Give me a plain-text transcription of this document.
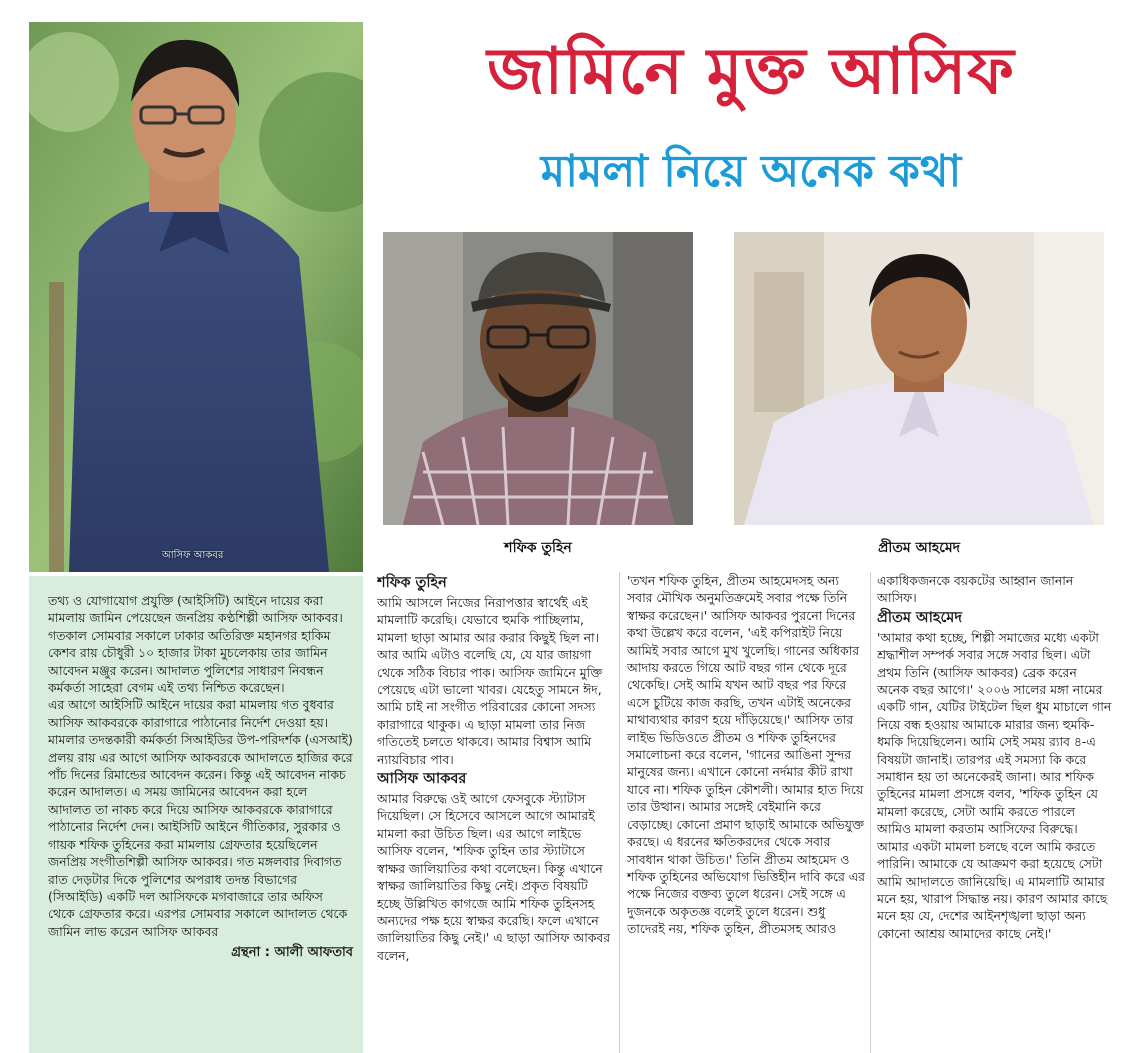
আসিফ আকবর
জামিনে মুক্ত আসিফ
মামলা নিয়ে অনেক কথা
শফিক তুহিন	প্রীতম আহমেদ

তথ্য ও যোগাযোগ প্রযুক্তি (আইসিটি) আইনে দায়ের করা মামলায় জামিন পেয়েছেন জনপ্রিয় কণ্ঠশিল্পী আসিফ আকবর। গতকাল সোমবার সকালে ঢাকার অতিরিক্ত মহানগর হাকিম কেশব রায় চৌধুরী ১০ হাজার টাকা মুচলেকায় তার জামিন আবেদন মঞ্জুর করেন। আদালত পুলিশের সাধারণ নিবন্ধন কর্মকর্তা সাহেরা বেগম এই তথ্য নিশ্চিত করেছেন।

এর আগে আইসিটি আইনে দায়ের করা মামলায় গত বুধবার আসিফ আকবরকে কারাগারে পাঠানোর নির্দেশ দেওয়া হয়। মামলার তদন্তকারী কর্মকর্তা সিআইডির উপ-পরিদর্শক (এসআই) প্রলয় রায় এর আগে আসিফ আকবরকে আদালতে হাজির করে পাঁচ দিনের রিমান্ডের আবেদন করেন। কিন্তু এই আবেদন নাকচ করেন আদালত। এ সময় জামিনের আবেদন করা হলে আদালত তা নাকচ করে দিয়ে আসিফ আকবরকে কারাগারে পাঠানোর নির্দেশ দেন। আইসিটি আইনে গীতিকার, সুরকার ও গায়ক শফিক তুহিনের করা মামলায় গ্রেফতার হয়েছিলেন জনপ্রিয় সংগীতশিল্পী আসিফ আকবর। গত মঙ্গলবার দিবাগত রাত দেড়টার দিকে পুলিশের অপরাধ তদন্ত বিভাগের (সিআইডি) একটি দল আসিফকে মগবাজারে তার অফিস থেকে গ্রেফতার করে। এরপর সোমবার সকালে আদালত থেকে জামিন লাভ করেন আসিফ আকবর

গ্রন্থনা : আলী আফতাব

শফিক তুহিন

আমি আসলে নিজের নিরাপত্তার স্বার্থেই এই মামলাটি করেছি। যেভাবে হুমকি পাচ্ছিলাম, মামলা ছাড়া আমার আর করার কিছুই ছিল না। আর আমি এটাও বলেছি যে, যে যার জায়গা থেকে সঠিক বিচার পাক। আসিফ জামিনে মুক্তি পেয়েছে এটা ভালো খাবর। যেহেতু সামনে ঈদ, আমি চাই না সংগীত পরিবারের কোনো সদস্য কারাগারে থাকুক। এ ছাড়া মামলা তার নিজ গতিতেই চলতে থাকবে। আমার বিশ্বাস আমি ন্যায়বিচার পাব।

আসিফ আকবর

আমার বিরুদ্ধে ওই আগে ফেসবুকে স্ট্যাটাস দিয়েছিল। সে হিসেবে আসলে আগে আমারই মামলা করা উচিত ছিল। এর আগে লাইভে আসিফ বলেন, 'শফিক তুহিন তার স্ট্যাটাসে স্বাক্ষর জালিয়াতির কথা বলেছেন। কিন্তু এখানে স্বাক্ষর জালিয়াতির কিছু নেই। প্রকৃত বিষয়টি হচ্ছে উল্লিখিত কাগজে আমি শফিক তুহিনসহ অন্যদের পক্ষ হয়ে স্বাক্ষর করেছি। ফলে এখানে জালিয়াতির কিছু নেই।' এ ছাড়া আসিফ আকবর বলেন,

'তখন শফিক তুহিন, প্রীতম আহমেদসহ অন্য সবার মৌখিক অনুমতিক্রমেই সবার পক্ষে তিনি স্বাক্ষর করেছেন।' আসিফ আকবর পুরনো দিনের কথা উল্লেখ করে বলেন, 'এই কপিরাইট নিয়ে আমিই সবার আগে মুখ খুলেছি। গানের অধিকার আদায় করতে গিয়ে আট বছর গান থেকে দূরে থেকেছি। সেই আমি যখন আট বছর পর ফিরে এসে চুটিয়ে কাজ করছি, তখন এটাই অনেকের মাথাব্যথার কারণ হয়ে দাঁড়িয়েছে।' আসিফ তার লাইভ ভিডিওতে প্রীতম ও শফিক তুহিনদের সমালোচনা করে বলেন, 'গানের আঙিনা সুন্দর মানুষের জন্য। এখানে কোনো নর্দমার কীট রাখা যাবে না। শফিক তুহিন কৌশলী। আমার হাত দিয়ে তার উত্থান। আমার সঙ্গেই বেইমানি করে বেড়াচ্ছে। কোনো প্রমাণ ছাড়াই আমাকে অভিযুক্ত করছে। এ ধরনের ক্ষতিকরদের থেকে সবার সাবধান থাকা উচিত।' তিনি প্রীতম আহমেদ ও শফিক তুহিনের অভিযোগ ভিত্তিহীন দাবি করে এর পক্ষে নিজের বক্তব্য তুলে ধরেন। সেই সঙ্গে এ দুজনকে অকৃতজ্ঞ বলেই তুলে ধরেন। শুধু তাদেরই নয়, শফিক তুহিন, প্রীতমসহ আরও

একাধিকজনকে বয়কটের আহ্বান জানান আসিফ।

প্রীতম আহমেদ

'আমার কথা হচ্ছে, শিল্পী সমাজের মধ্যে একটা শ্রদ্ধাশীল সম্পর্ক সবার সঙ্গে সবার ছিল। এটা প্রথম তিনি (আসিফ আকবর) ব্রেক করেন অনেক বছর আগে।' ২০০৬ সালের মঙ্গা নামের একটি গান, যেটির টাইটেল ছিল ধুম মাচালে গান নিয়ে বন্ধ হওয়ায় আমাকে মারার জন্য হুমকি-ধমকি দিয়েছিলেন। আমি সেই সময় র‍্যাব ৪-এ বিষয়টা জানাই। তারপর এই সমস্যা কি করে সমাধান হয় তা অনেকেরই জানা। আর শফিক তুহিনের মামলা প্রসঙ্গে বলব, 'শফিক তুহিন যে মামলা করেছে, সেটা আমি করতে পারলে আমিও মামলা করতাম আসিফের বিরুদ্ধে। আমার একটা মামলা চলছে বলে আমি করতে পারিনি। আমাকে যে আক্রমণ করা হয়েছে সেটা আমি আদালতে জানিয়েছি। এ মামলাটি আমার মনে হয়, খারাপ সিদ্ধান্ত নয়। কারণ আমার কাছে মনে হয় যে, দেশের আইনশৃঙ্খলা ছাড়া অন্য কোনো আশ্রয় আমাদের কাছে নেই।'
